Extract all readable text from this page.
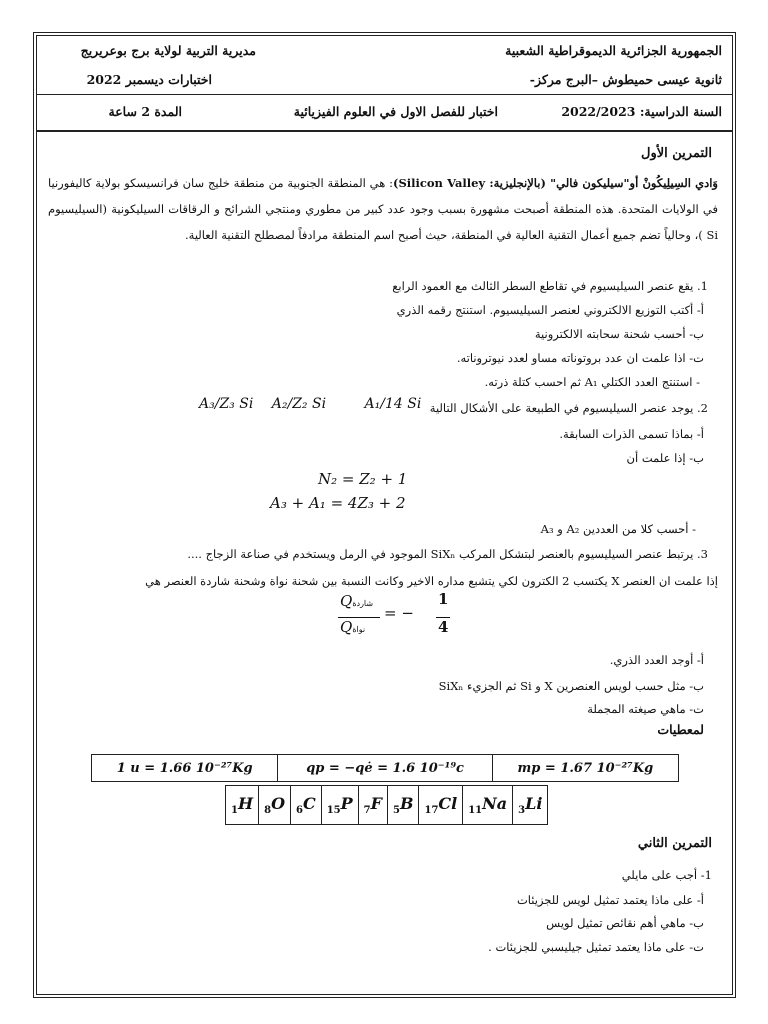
الجمهورية الجزائرية الديموقراطية الشعبية
مديرية التربية لولاية برج بوعريريج
ثانوية عيسى حميطوش –البرج مركز-
اختبارات ديسمبر 2022
السنة الدراسية: 2022/2023
اختبار للفصل الاول في العلوم الفيزيائية
المدة 2 ساعة
التمرين الأول
وَادي السِيلِيكُونْ أو"سيليكون فالي" (بالإنجليزية: Silicon Valley): هي المنطقة الجنوبية من منطقة خليج سان فرانسيسكو بولاية كاليفورنيا في الولايات المتحدة. هذه المنطقة أصبحت مشهورة بسبب وجود عدد كبير من مطوري ومنتجي الشرائح و الرقاقات السيليكونية (السيليسيوم Si )، وحالياً تضم جميع أعمال التقنية العالية في المنطقة، حيث أصبح اسم المنطقة مرادفاً لمصطلح التقنية العالية.
1. يقع عنصر السيليسيوم في تقاطع السطر الثالث مع العمود الرابع
أ- أكتب التوزيع الالكتروني لعنصر السيليسيوم. استنتج رقمه الذري
ب- أحسب شحنة سحابته الالكترونية
ت- اذا علمت ان عدد بروتوناته مساو لعدد نيوتروناته.
- استنتج العدد الكتلي A₁ ثم احسب كتلة ذرته.
2. يوجد عنصر السيليسيوم في الطبيعة على الأشكال التالية
A₃/Z₃ Si A₂/Z₂ Si	A₁/14 Si
أ- بماذا تسمى الذرات السابقة.
ب- إذا علمت أن
N₂ = Z₂ + 1
A₃ + A₁ = 4Z₃ + 2
- أحسب كلا من العددين A₂ و A₃
3. يرتبط عنصر السيليسيوم بالعنصر لبتشكل المركب SiXₙ الموجود في الرمل ويستخدم في صناعة الزجاج ....
إذا علمت ان العنصر X يكتسب 2 الكترون لكي يتشبع مداره الاخير وكانت النسبة بين شحنة نواة وشحنة شاردة العنصر هي
Qشاردة
Qنواة
= −
1
4
أ- أوجد العدد الذري.
ب- مثل حسب لويس العنصرين X و Si ثم الجزيء SiXₙ
ت- ماهي صيغته المجملة
لمعطيات
1 u = 1.66 10⁻²⁷Kg	qp = −qė = 1.6 10⁻¹⁹c	mp = 1.67 10⁻²⁷Kg
$_1$H	$_8$O	$_6$C	$_{15}$P	$_7$F	$_5$B	$_{17}$Cl	$_{11}$Na	$_3$Li
التمرين الثاني
1- أجب على مايلي
أ- على ماذا يعتمد تمثيل لويس للجزيئات
ب- ماهي أهم نقائص تمثيل لويس
ت- على ماذا يعتمد تمثيل جيليسبي للجزيئات .
